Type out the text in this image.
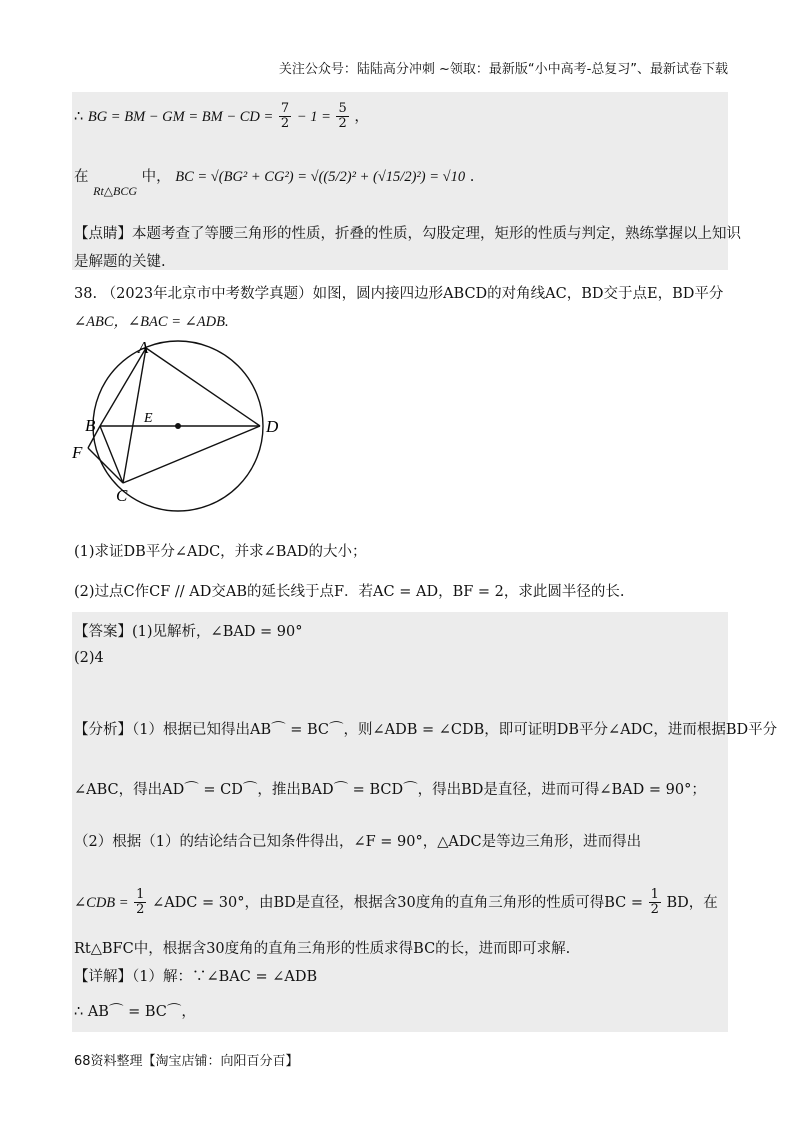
关注公众号：陆陆高分冲刺 ~领取：最新版“小中高考-总复习”、最新试卷下载
∴ BG = BM − GM = BM − CD = $\frac{7}{2} - 1 = \frac{5}{2}$ ，
在 $_{Rt\triangle BCG}$ 中， BC = √(BG² + CG²) = √((5/2)² + (√15/2)²) = √10 .
【点睛】本题考查了等腰三角形的性质，折叠的性质，勾股定理，矩形的性质与判定，熟练掌握以上知识
是解题的关键.
38. （2023年北京市中考数学真题）如图，圆内接四边形ABCD的对角线AC，BD交于点E，BD平分
∠ABC，∠BAC = ∠ADB.
A
B
C
D
E
F
(1)求证DB平分∠ADC，并求∠BAD的大小；
(2)过点C作CF // AD交AB的延长线于点F．若AC = AD，BF = 2，求此圆半径的长.
【答案】(1)见解析，∠BAD = 90°
(2)4
【分析】（1）根据已知得出AB⌒ = BC⌒，则∠ADB = ∠CDB，即可证明DB平分∠ADC，进而根据BD平分
∠ABC，得出AD⌒ = CD⌒，推出BAD⌒ = BCD⌒，得出BD是直径，进而可得∠BAD = 90°；
（2）根据（1）的结论结合已知条件得出，∠F = 90°，△ADC是等边三角形，进而得出
∠CDB = $\frac{1}{2}$ ∠ADC = 30°，由BD是直径，根据含30度角的直角三角形的性质可得BC = $\frac{1}{2}$ BD，在
Rt△BFC中，根据含30度角的直角三角形的性质求得BC的长，进而即可求解.
【详解】（1）解：∵∠BAC = ∠ADB
∴ AB⌒ = BC⌒，
68资料整理【淘宝店铺：向阳百分百】
